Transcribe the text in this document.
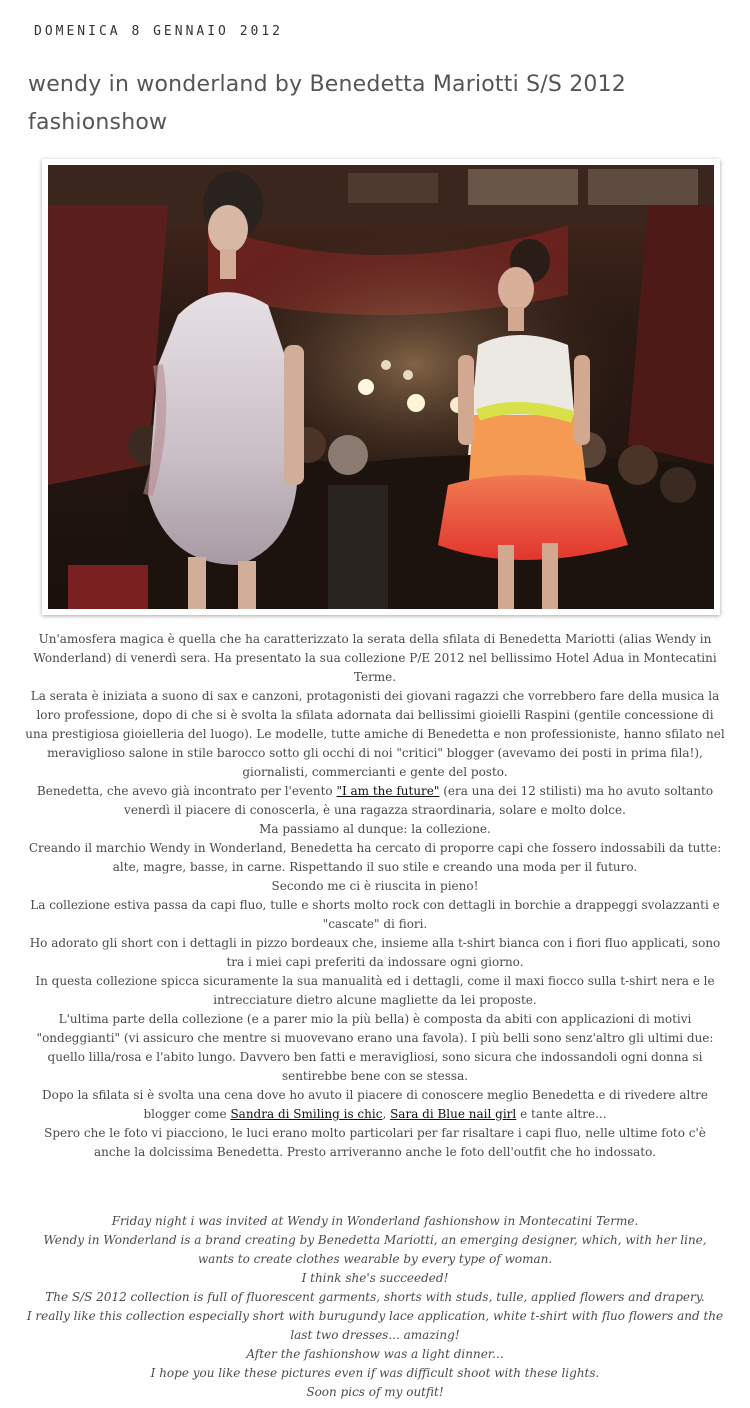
DOMENICA 8 GENNAIO 2012
wendy in wonderland by Benedetta Mariotti S/S 2012 fashionshow

Un'amosfera magica è quella che ha caratterizzato la serata della sfilata di Benedetta Mariotti (alias Wendy in Wonderland) di venerdì sera. Ha presentato la sua collezione P/E 2012 nel bellissimo Hotel Adua in Montecatini Terme.

La serata è iniziata a suono di sax e canzoni, protagonisti dei giovani ragazzi che vorrebbero fare della musica la loro professione, dopo di che si è svolta la sfilata adornata dai bellissimi gioielli Raspini (gentile concessione di una prestigiosa gioielleria del luogo). Le modelle, tutte amiche di Benedetta e non professioniste, hanno sfilato nel meraviglioso salone in stile barocco sotto gli occhi di noi "critici" blogger (avevamo dei posti in prima fila!), giornalisti, commercianti e gente del posto.

Benedetta, che avevo già incontrato per l'evento "I am the future" (era una dei 12 stilisti) ma ho avuto soltanto venerdì il piacere di conoscerla, è una ragazza straordinaria, solare e molto dolce.

Ma passiamo al dunque: la collezione.

Creando il marchio Wendy in Wonderland, Benedetta ha cercato di proporre capi che fossero indossabili da tutte: alte, magre, basse, in carne. Rispettando il suo stile e creando una moda per il futuro.

Secondo me ci è riuscita in pieno!

La collezione estiva passa da capi fluo, tulle e shorts molto rock con dettagli in borchie a drappeggi svolazzanti e "cascate" di fiori.

Ho adorato gli short con i dettagli in pizzo bordeaux che, insieme alla t-shirt bianca con i fiori fluo applicati, sono tra i miei capi preferiti da indossare ogni giorno.

In questa collezione spicca sicuramente la sua manualità ed i dettagli, come il maxi fiocco sulla t-shirt nera e le intrecciature dietro alcune magliette da lei proposte.

L'ultima parte della collezione (e a parer mio la più bella) è composta da abiti con applicazioni di motivi "ondeggianti" (vi assicuro che mentre si muovevano erano una favola). I più belli sono senz'altro gli ultimi due: quello lilla/rosa e l'abito lungo. Davvero ben fatti e meravigliosi, sono sicura che indossandoli ogni donna si sentirebbe bene con se stessa.

Dopo la sfilata si è svolta una cena dove ho avuto il piacere di conoscere meglio Benedetta e di rivedere altre blogger come Sandra di Smiling is chic, Sara di Blue nail girl e tante altre...

Spero che le foto vi piacciono, le luci erano molto particolari per far risaltare i capi fluo, nelle ultime foto c'è anche la dolcissima Benedetta. Presto arriveranno anche le foto dell'outfit che ho indossato.

Friday night i was invited at Wendy in Wonderland fashionshow in Montecatini Terme.

Wendy in Wonderland is a brand creating by Benedetta Mariotti, an emerging designer, which, with her line, wants to create clothes wearable by every type of woman.

I think she's succeeded!

The S/S 2012 collection is full of fluorescent garments, shorts with studs, tulle, applied flowers and drapery.

I really like this collection especially short with burugundy lace application, white t-shirt with fluo flowers and the last two dresses... amazing!

After the fashionshow was a light dinner...

I hope you like these pictures even if was difficult shoot with these lights.

Soon pics of my outfit!
